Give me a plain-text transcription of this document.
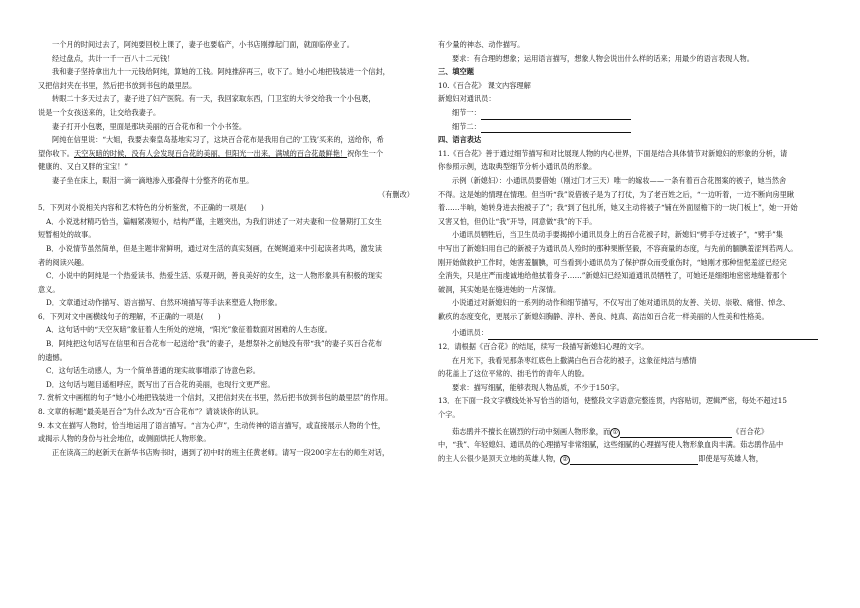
一个月的时间过去了，阿纯要回校上课了，妻子也要临产，小书店刚撑起门面，就面临停业了。
经过盘点，共计一千一百八十二元钱！
我和妻子坚持拿出九十一元钱给阿纯，算她的工钱。阿纯推辞再三，收下了。她小心地把钱装进一个信封，
又把信封夹在书里，然后把书放到书包的最里层。
转眼二十多天过去了，妻子进了妇产医院。有一天，我回家取东西，门卫室的大爷交给我一个小包裹，
说是一个女孩送来的，让交给我妻子。
妻子打开小包裹，里面是那块美丽的百合花布和一个小书签。
阿纯在信里说：“大姐，我要去秦皇岛基地实习了，这块百合花布是我用自己的‘工钱’买来的，送给你，希
望你收下。天空灰暗的时候，没有人会发现百合花的美丽，但阳光一出来，满城的百合花最鲜艳！祝你生一个
健康的、又白又胖的宝宝！”
妻子坐在床上，眼泪一滴一滴地渗入那叠得十分整齐的花布里。
（有删改）
5．下列对小说相关内容和艺术特色的分析鉴赏，不正确的一项是(　　)
A．小说选材精巧恰当，篇幅紧凑短小，结构严谨，主题突出，为我们讲述了一对夫妻和一位暑期打工女生
短暂相处的故事。
B．小说情节虽然简单，但是主题非常鲜明，通过对生活的真实刻画，在娓娓道来中引起读者共鸣，激发读
者的阅读兴趣。
C．小说中的阿纯是一个热爱读书、热爱生活、乐观开朗，善良美好的女生，这一人物形象具有积极的现实
意义。
D．文章通过动作描写、语言描写、自然环境描写等手法来塑造人物形象。
6．下列对文中画横线句子的理解，不正确的一项是(　　)
A．这句话中的“天空灰暗”象征着人生所处的逆境，“阳光”象征着数面对困难的人生态度。
B．阿纯把这句话写在信里和百合花布一起送给“我”的妻子，是想祭补之前她没有带“我”的妻子买百合花布
的遗憾。
C．这句话生动感人，为一个简单普通的现实故事增添了诗意色彩。
D．这句话与题目遥相呼应，既写出了百合花的美丽，也现行文更严密。
7. 赏析文中画框的句子“她小心地把钱装进一个信封，又把信封夹在书里，然后把书放到书包的最里层”的作用。
8. 文章的标题“最美是百合”为什么改为“百合花布”？请谈谈你的认识。
9. 本文在描写人物时，恰当地运用了语言描写。“言为心声”，生动传神的语言描写，或直接展示人物的个性，
或揭示人物的身份与社会地位，或侧面烘托人物形象。
正在读高三的赵新天在新华书店购书时，遇到了初中时的班主任黄老师。请写一段200字左右的师生对话，
有少量的神态、动作描写。
要求：有合理的想象；运用语言描写，想象人物会说出什么样的话来；用最少的语言表现人物。
三、填空题
10.《百合花》 课文内容理解
新媳妇对通讯员：
细节一：
细节二：
四、语言表达
11.《百合花》善于通过细节描写和对比展现人物的内心世界，下面是结合具体情节对新媳妇的形象的分析，请
你参照示例，选取典型细节分析小通讯员的形象。
示例（新媳妇）：小通讯员要借她（刚过门才三天）唯一的嫁妆——一条有着百合花图案的被子，她当然舍
不得。这是她的情理在情理。但当听“我”说借被子是为了打仗，为了老百姓之后，“一边听着，一边不断向房里瞅
着……半晌，她转身进去抱被子了”；我“到了包扎所，她又主动将被子“铺在外面屋檐下的一块门板上”，她一开始
又害又怕，但仍让“我”开导，同意做“我”的下手。
小通讯员牺牲后，当卫生员动手要揭掉小通讯员身上的百合花被子时，新媳妇“劈手夺过被子”，“劈手”集
中写出了新媳妇用自己的新被子为通讯员人殓时的那种果断坚毅，不容商量的态度，与先前的腼腆羞涩判若两人。
刚开始做救护工作时，她害羞腼腆，可当看到小通讯员为了保护群众而受重伤时，“她刚才那种忸怩羞涩已经完
全消失，只是庄严而虔诚地给他拭着身子……”新媳妇已经知道通讯员牺牲了，可她还是细细地密密地缝着那个
破洞，其实她是在缝进她的一片深情。
小说通过对新媳妇的一系列的动作和细节描写，不仅写出了她对通讯员的友善、关切、崇敬、痛惜、悼念、
歉疚的态度变化，更展示了新媳妇胸静、淳朴、善良、纯真、高洁如百合花一样美丽的人性美和性格美。
小通讯员：
12．请根据《百合花》的结尾，续写一段描写新媳妇心理的文字。
在月光下，我看见那条枣红底色上撒满白色百合花的被子，这象征纯洁与感情
的花盖上了这位平常的、拙毛竹的青年人的脸。
要求：描写细腻，能够表现人物品质，不少于150字。
13．在下面一段文字横线处补写恰当的语句，使整段文字语意完整连贯，内容贴切，逻辑严密，每处不超过15
个字。
茹志鹃并不擅长在剧烈的行动中刻画人物形象，而 ①	《百合花》
中，“我”、年轻媳妇、通讯员的心理描写非常细腻，这些细腻的心理描写使人物形象血肉丰满。茹志鹃作品中
的主人公很少是顶天立地的英雄人物， ②	即使是写英雄人物，
